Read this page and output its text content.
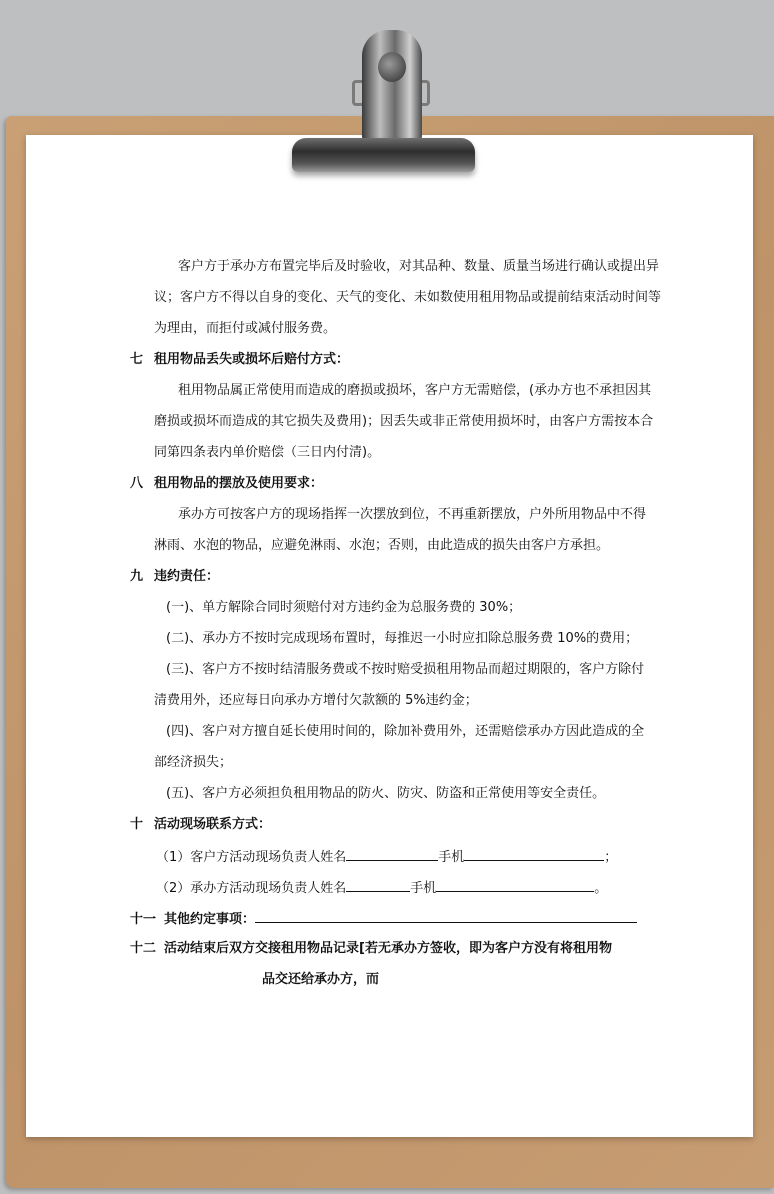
客户方于承办方布置完毕后及时验收，对其品种、数量、质量当场进行确认或提出异
议；客户方不得以自身的变化、天气的变化、未如数使用租用物品或提前结束活动时间等
为理由，而拒付或减付服务费。
七 租用物品丢失或损坏后赔付方式：
租用物品属正常使用而造成的磨损或损坏，客户方无需赔偿，(承办方也不承担因其
磨损或损坏而造成的其它损失及费用)；因丢失或非正常使用损坏时，由客户方需按本合
同第四条表内单价赔偿（三日内付清)。
八 租用物品的摆放及使用要求：
承办方可按客户方的现场指挥一次摆放到位，不再重新摆放，户外所用物品中不得
淋雨、水泡的物品，应避免淋雨、水泡；否则，由此造成的损失由客户方承担。
九 违约责任：
(一)、单方解除合同时须赔付对方违约金为总服务费的 30%；
(二)、承办方不按时完成现场布置时，每推迟一小时应扣除总服务费 10%的费用；
(三)、客户方不按时结清服务费或不按时赔受损租用物品而超过期限的，客户方除付
清费用外，还应每日向承办方增付欠款额的 5%违约金；
(四)、客户对方擅自延长使用时间的，除加补费用外，还需赔偿承办方因此造成的全
部经济损失；
(五)、客户方必须担负租用物品的防火、防灾、防盗和正常使用等安全责任。
十 活动现场联系方式：
（1）客户方活动现场负责人姓名	手机	；
（2）承办方活动现场负责人姓名	手机	。
十一 其他约定事项：
十二 活动结束后双方交接租用物品记录[若无承办方签收，即为客户方没有将租用物
品交还给承办方，而
